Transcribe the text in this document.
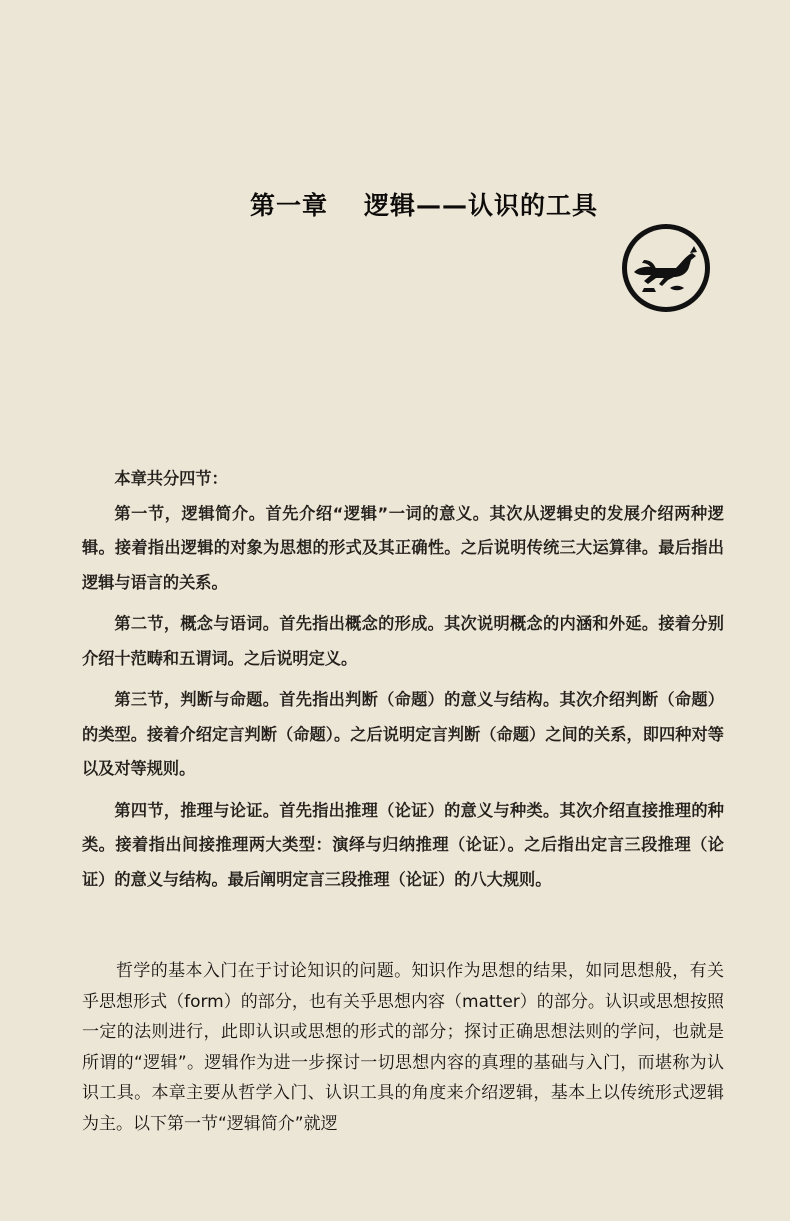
第一章 逻辑——认识的工具

本章共分四节：

第一节，逻辑简介。首先介绍“逻辑”一词的意义。其次从逻辑史的发展介绍两种逻辑。接着指出逻辑的对象为思想的形式及其正确性。之后说明传统三大运算律。最后指出逻辑与语言的关系。

第二节，概念与语词。首先指出概念的形成。其次说明概念的内涵和外延。接着分别介绍十范畴和五谓词。之后说明定义。

第三节，判断与命题。首先指出判断（命题）的意义与结构。其次介绍判断（命题）的类型。接着介绍定言判断（命题）。之后说明定言判断（命题）之间的关系，即四种对等以及对等规则。

第四节，推理与论证。首先指出推理（论证）的意义与种类。其次介绍直接推理的种类。接着指出间接推理两大类型：演绎与归纳推理（论证）。之后指出定言三段推理（论证）的意义与结构。最后阐明定言三段推理（论证）的八大规则。

哲学的基本入门在于讨论知识的问题。知识作为思想的结果，如同思想般，有关乎思想形式（form）的部分，也有关乎思想内容（matter）的部分。认识或思想按照一定的法则进行，此即认识或思想的形式的部分；探讨正确思想法则的学问，也就是所谓的“逻辑”。逻辑作为进一步探讨一切思想内容的真理的基础与入门，而堪称为认识工具。本章主要从哲学入门、认识工具的角度来介绍逻辑，基本上以传统形式逻辑为主。以下第一节“逻辑简介”就逻
